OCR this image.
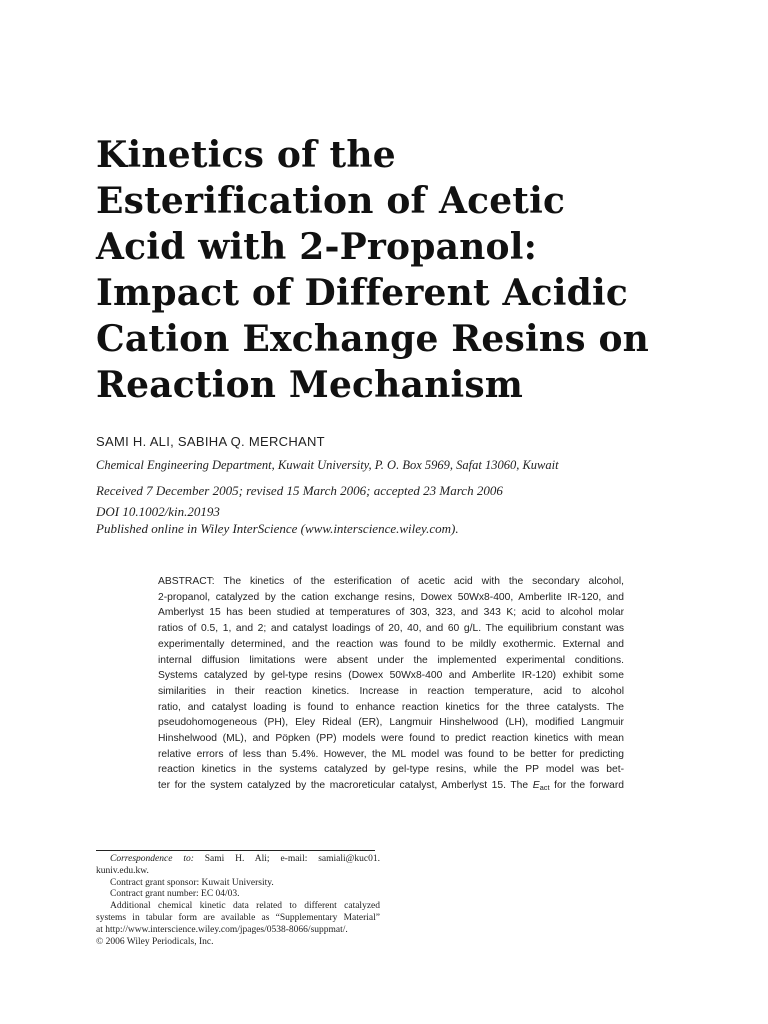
Kinetics of the
Esterification of Acetic
Acid with 2-Propanol:
Impact of Different Acidic
Cation Exchange Resins on
Reaction Mechanism
SAMI H. ALI, SABIHA Q. MERCHANT
Chemical Engineering Department, Kuwait University, P. O. Box 5969, Safat 13060, Kuwait
Received 7 December 2005; revised 15 March 2006; accepted 23 March 2006
DOI 10.1002/kin.20193
Published online in Wiley InterScience (www.interscience.wiley.com).
ABSTRACT: The kinetics of the esterification of acetic acid with the secondary alcohol,
2-propanol, catalyzed by the cation exchange resins, Dowex 50Wx8-400, Amberlite IR-120, and
Amberlyst 15 has been studied at temperatures of 303, 323, and 343 K; acid to alcohol molar
ratios of 0.5, 1, and 2; and catalyst loadings of 20, 40, and 60 g/L. The equilibrium constant was
experimentally determined, and the reaction was found to be mildly exothermic. External and
internal diffusion limitations were absent under the implemented experimental conditions.
Systems catalyzed by gel-type resins (Dowex 50Wx8-400 and Amberlite IR-120) exhibit some
similarities in their reaction kinetics. Increase in reaction temperature, acid to alcohol
ratio, and catalyst loading is found to enhance reaction kinetics for the three catalysts. The
pseudohomogeneous (PH), Eley Rideal (ER), Langmuir Hinshelwood (LH), modified Langmuir
Hinshelwood (ML), and Pöpken (PP) models were found to predict reaction kinetics with mean
relative errors of less than 5.4%. However, the ML model was found to be better for predicting
reaction kinetics in the systems catalyzed by gel-type resins, while the PP model was bet-
ter for the system catalyzed by the macroreticular catalyst, Amberlyst 15. The $E_{act}$ for the forward
Correspondence to: Sami H. Ali; e-mail: samiali@kuc01.
kuniv.edu.kw.
Contract grant sponsor: Kuwait University.
Contract grant number: EC 04/03.
Additional chemical kinetic data related to different catalyzed
systems in tabular form are available as “Supplementary Material”
at http://www.interscience.wiley.com/jpages/0538-8066/suppmat/.
© 2006 Wiley Periodicals, Inc.
